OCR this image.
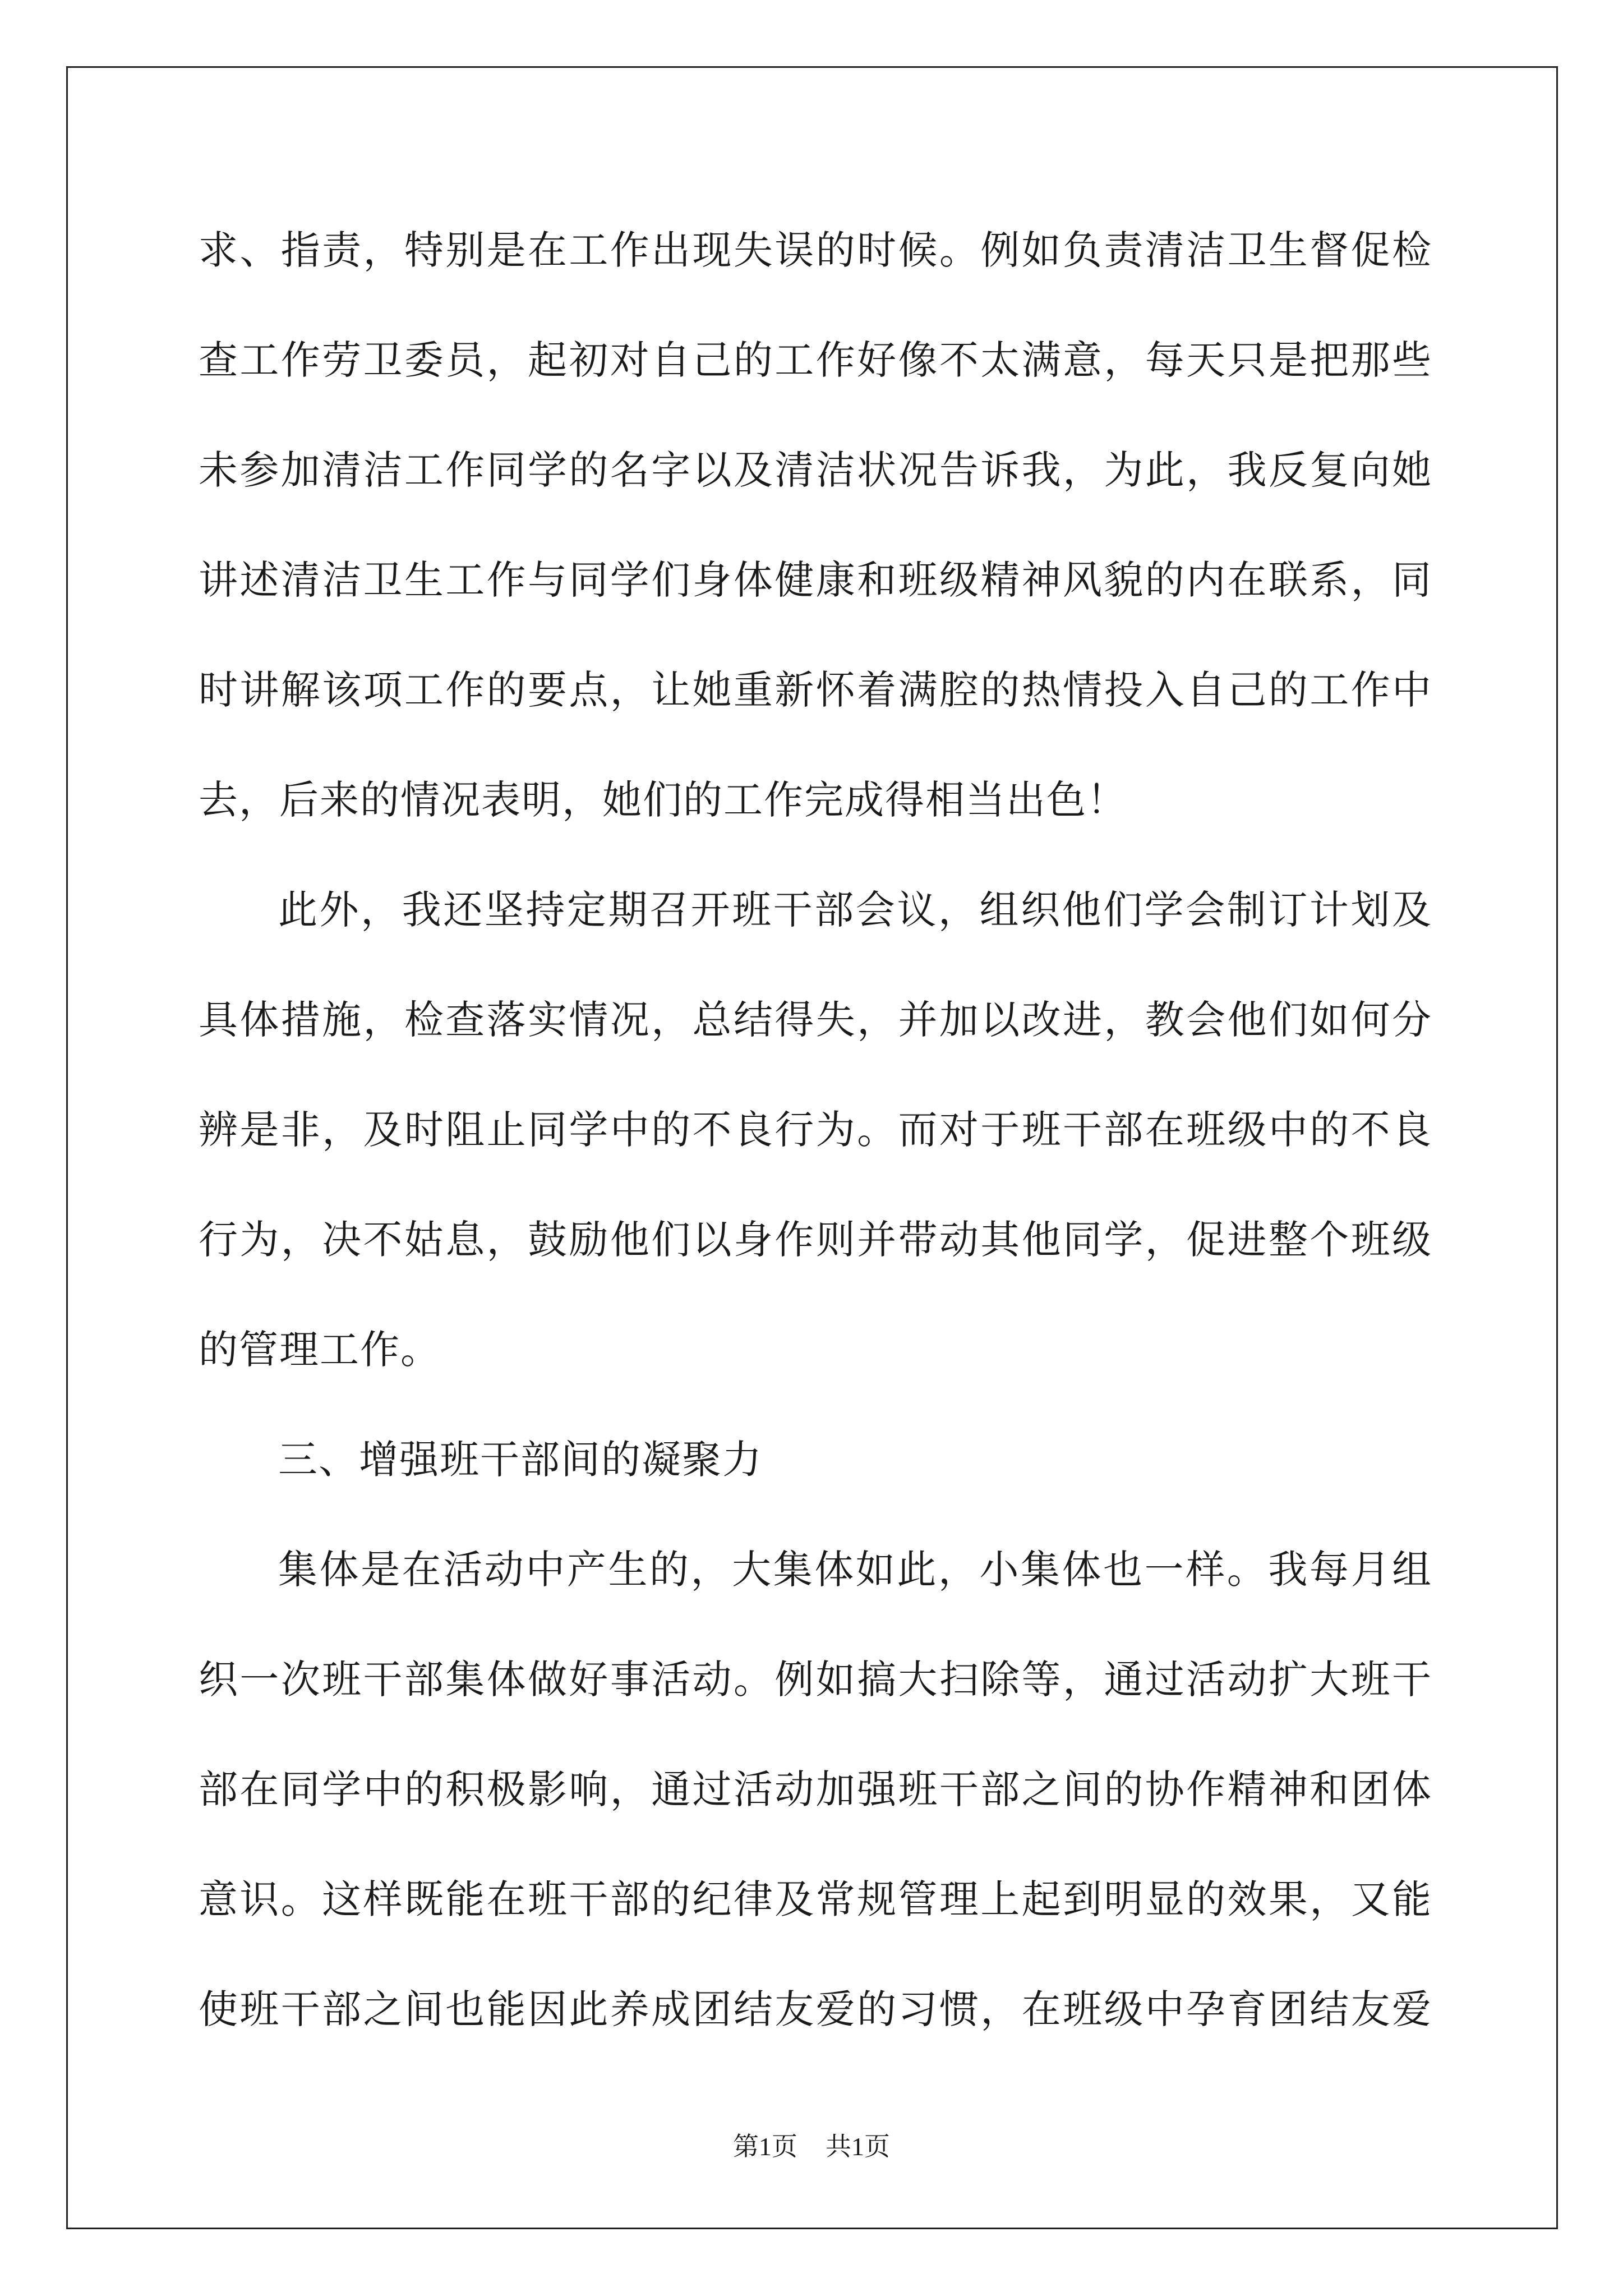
求、指责，特别是在工作出现失误的时候。例如负责清洁卫生督促检
查工作劳卫委员，起初对自己的工作好像不太满意，每天只是把那些
未参加清洁工作同学的名字以及清洁状况告诉我，为此，我反复向她
讲述清洁卫生工作与同学们身体健康和班级精神风貌的内在联系，同
时讲解该项工作的要点，让她重新怀着满腔的热情投入自己的工作中
去，后来的情况表明，她们的工作完成得相当出色！
此外，我还坚持定期召开班干部会议，组织他们学会制订计划及
具体措施，检查落实情况，总结得失，并加以改进，教会他们如何分
辨是非，及时阻止同学中的不良行为。而对于班干部在班级中的不良
行为，决不姑息，鼓励他们以身作则并带动其他同学，促进整个班级
的管理工作。
三、增强班干部间的凝聚力
集体是在活动中产生的，大集体如此，小集体也一样。我每月组
织一次班干部集体做好事活动。例如搞大扫除等，通过活动扩大班干
部在同学中的积极影响，通过活动加强班干部之间的协作精神和团体
意识。这样既能在班干部的纪律及常规管理上起到明显的效果，又能
使班干部之间也能因此养成团结友爱的习惯，在班级中孕育团结友爱
第1页 共1页
